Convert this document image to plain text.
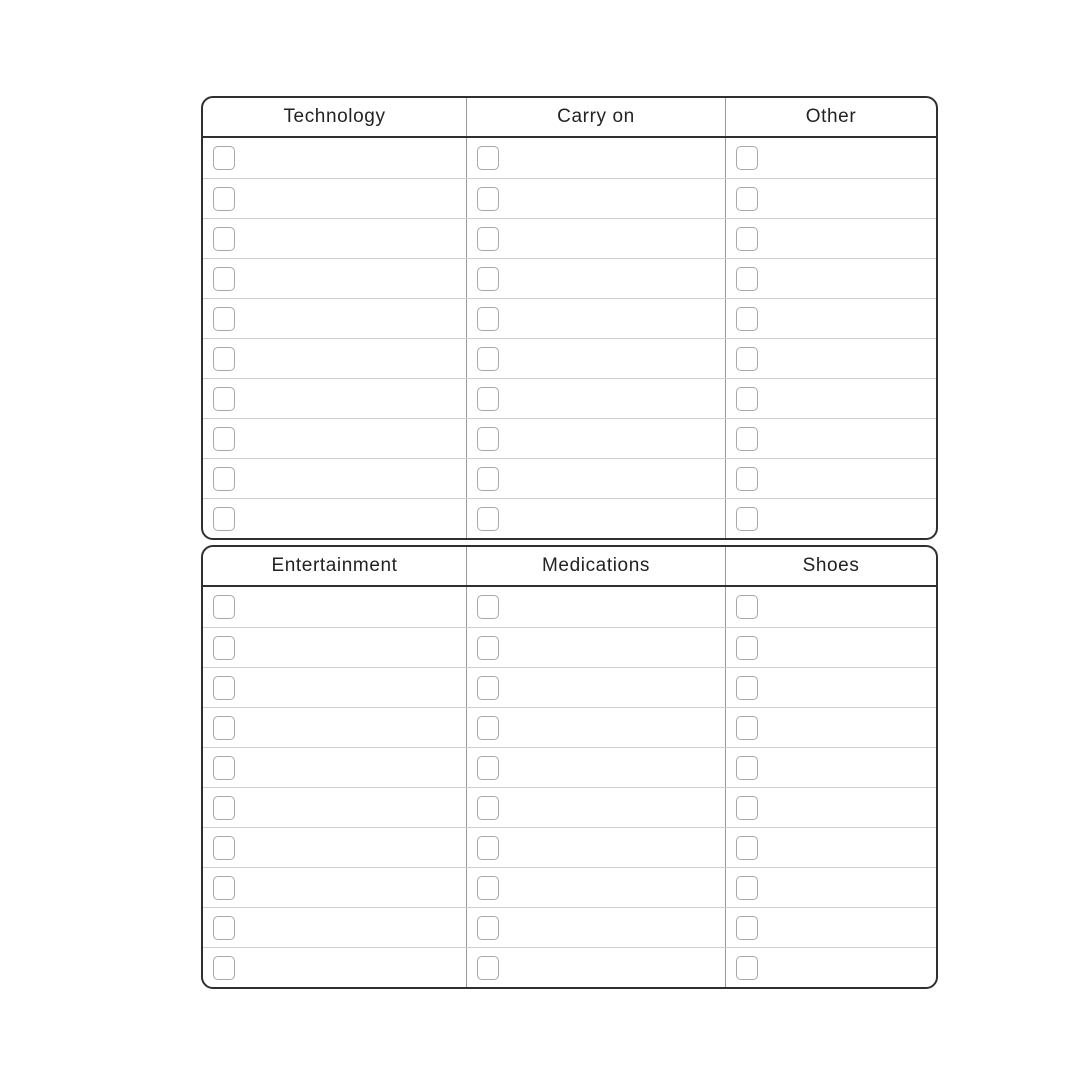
Technology	Carry on	Other
Entertainment	Medications	Shoes
